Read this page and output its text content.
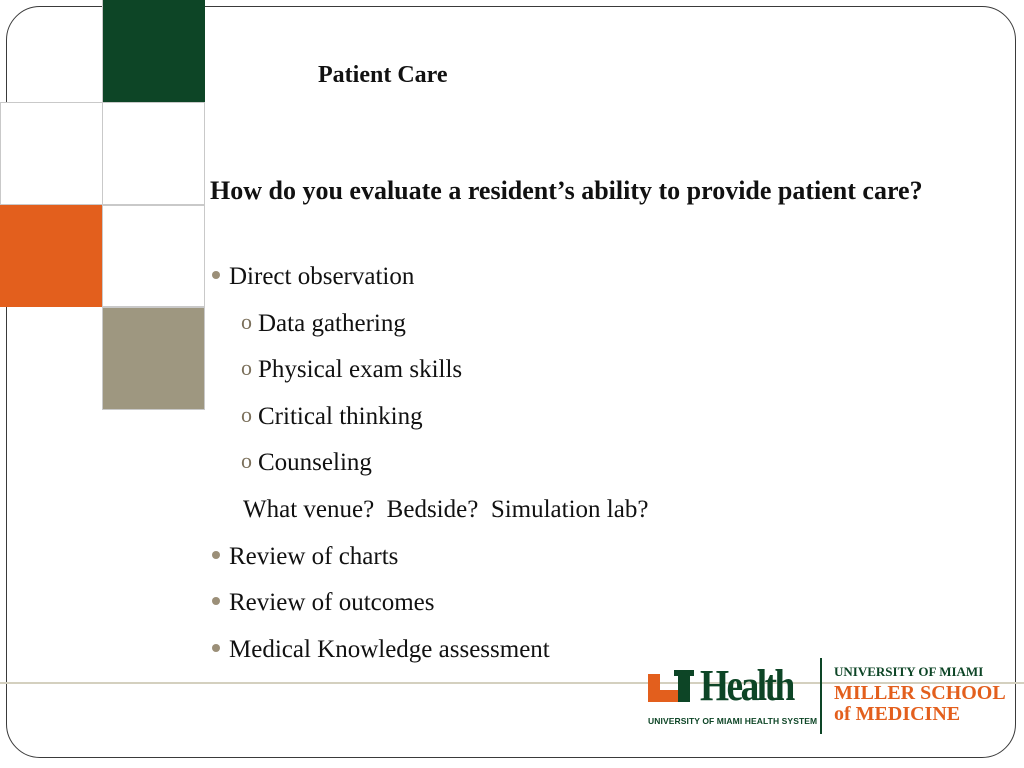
Patient Care
How do you evaluate a resident’s ability to provide patient care?
Direct observation
o Data gathering
o Physical exam skills
o Critical thinking
o Counseling
What venue?  Bedside?  Simulation lab?
Review of charts
Review of outcomes
Medical Knowledge assessment
Health
UNIVERSITY OF MIAMI HEALTH SYSTEM
UNIVERSITY OF MIAMI
MILLER SCHOOL
of MEDICINE
